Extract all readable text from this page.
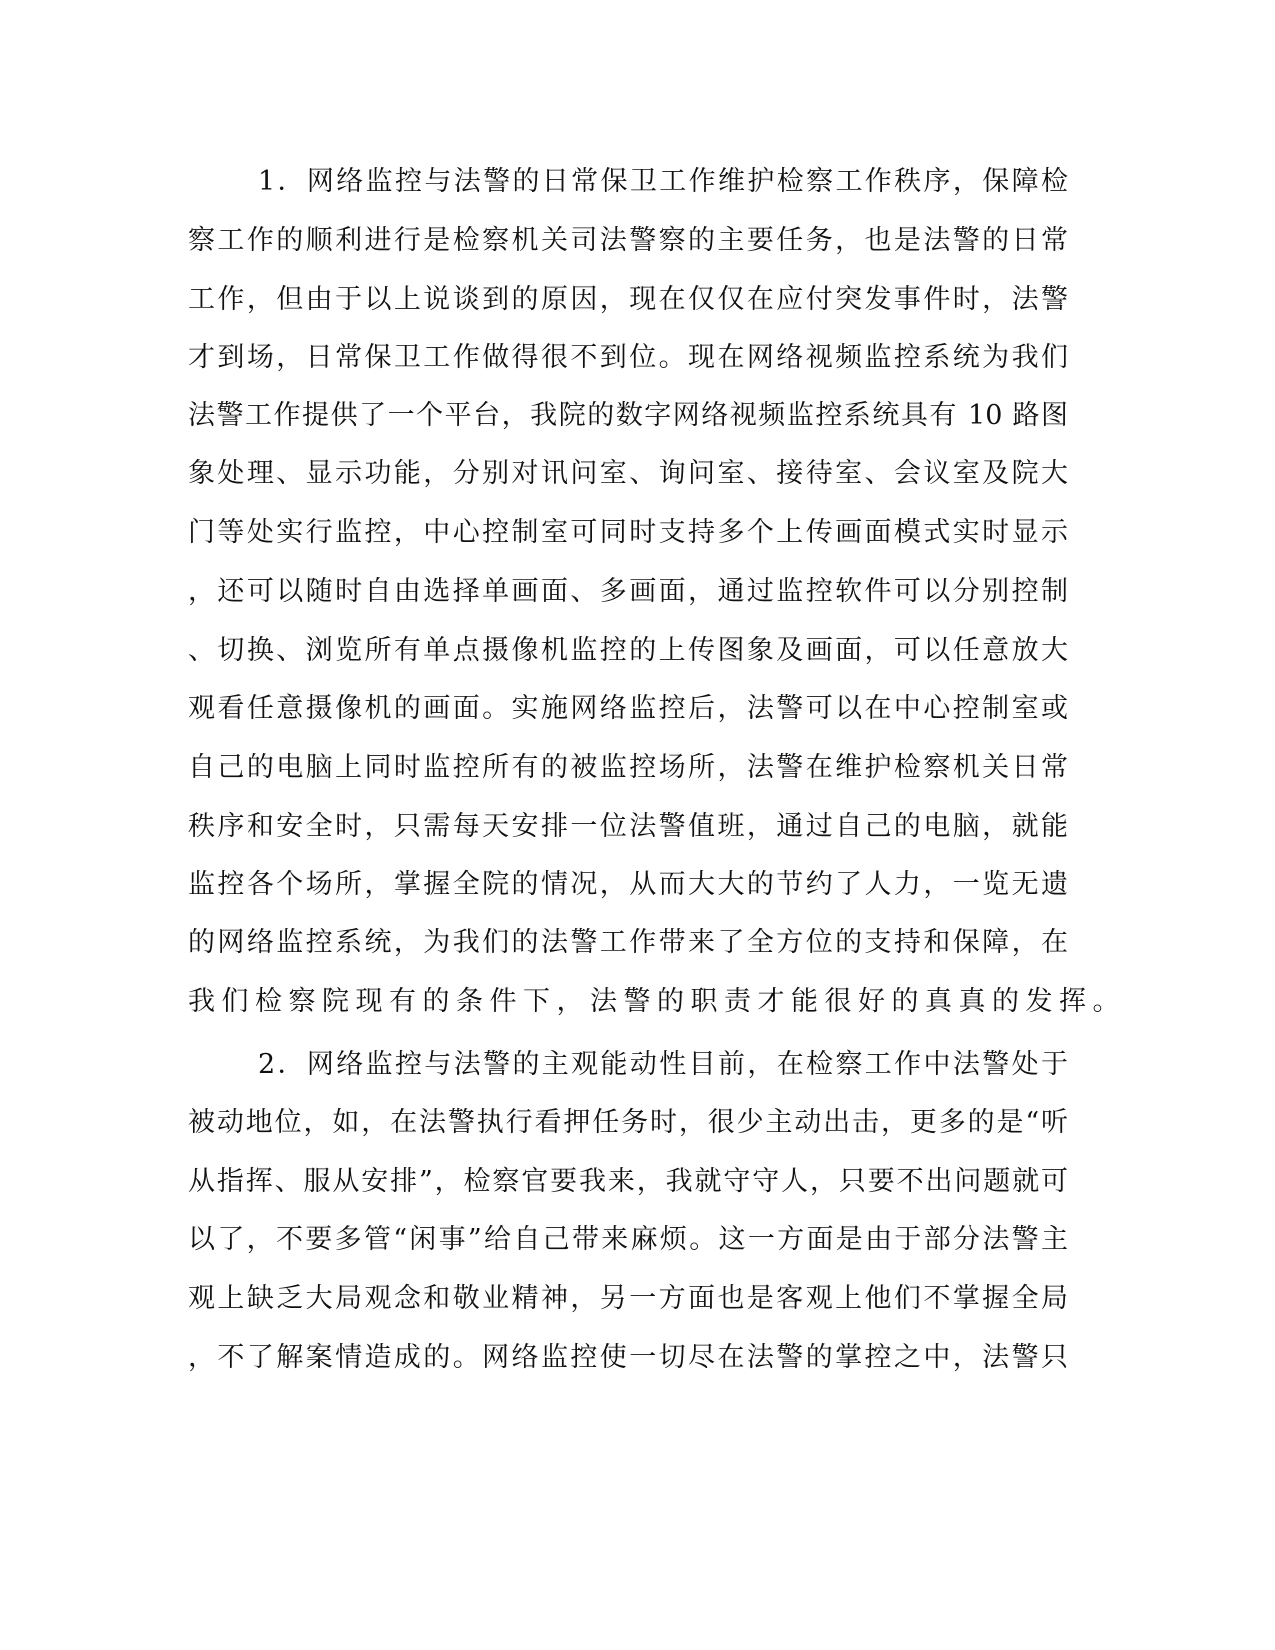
1．网络监控与法警的日常保卫工作维护检察工作秩序，保障检
察工作的顺利进行是检察机关司法警察的主要任务，也是法警的日常
工作，但由于以上说谈到的原因，现在仅仅在应付突发事件时，法警
才到场，日常保卫工作做得很不到位。现在网络视频监控系统为我们
法警工作提供了一个平台，我院的数字网络视频监控系统具有 10 路图
象处理、显示功能，分别对讯问室、询问室、接待室、会议室及院大
门等处实行监控，中心控制室可同时支持多个上传画面模式实时显示
，还可以随时自由选择单画面、多画面，通过监控软件可以分别控制
、切换、浏览所有单点摄像机监控的上传图象及画面，可以任意放大
观看任意摄像机的画面。实施网络监控后，法警可以在中心控制室或
自己的电脑上同时监控所有的被监控场所，法警在维护检察机关日常
秩序和安全时，只需每天安排一位法警值班，通过自己的电脑，就能
监控各个场所，掌握全院的情况，从而大大的节约了人力，一览无遗
的网络监控系统，为我们的法警工作带来了全方位的支持和保障，在
我们检察院现有的条件下，法警的职责才能很好的真真的发挥。
2．网络监控与法警的主观能动性目前，在检察工作中法警处于
被动地位，如，在法警执行看押任务时，很少主动出击，更多的是“听
从指挥、服从安排”，检察官要我来，我就守守人，只要不出问题就可
以了，不要多管“闲事”给自己带来麻烦。这一方面是由于部分法警主
观上缺乏大局观念和敬业精神，另一方面也是客观上他们不掌握全局
，不了解案情造成的。网络监控使一切尽在法警的掌控之中，法警只
